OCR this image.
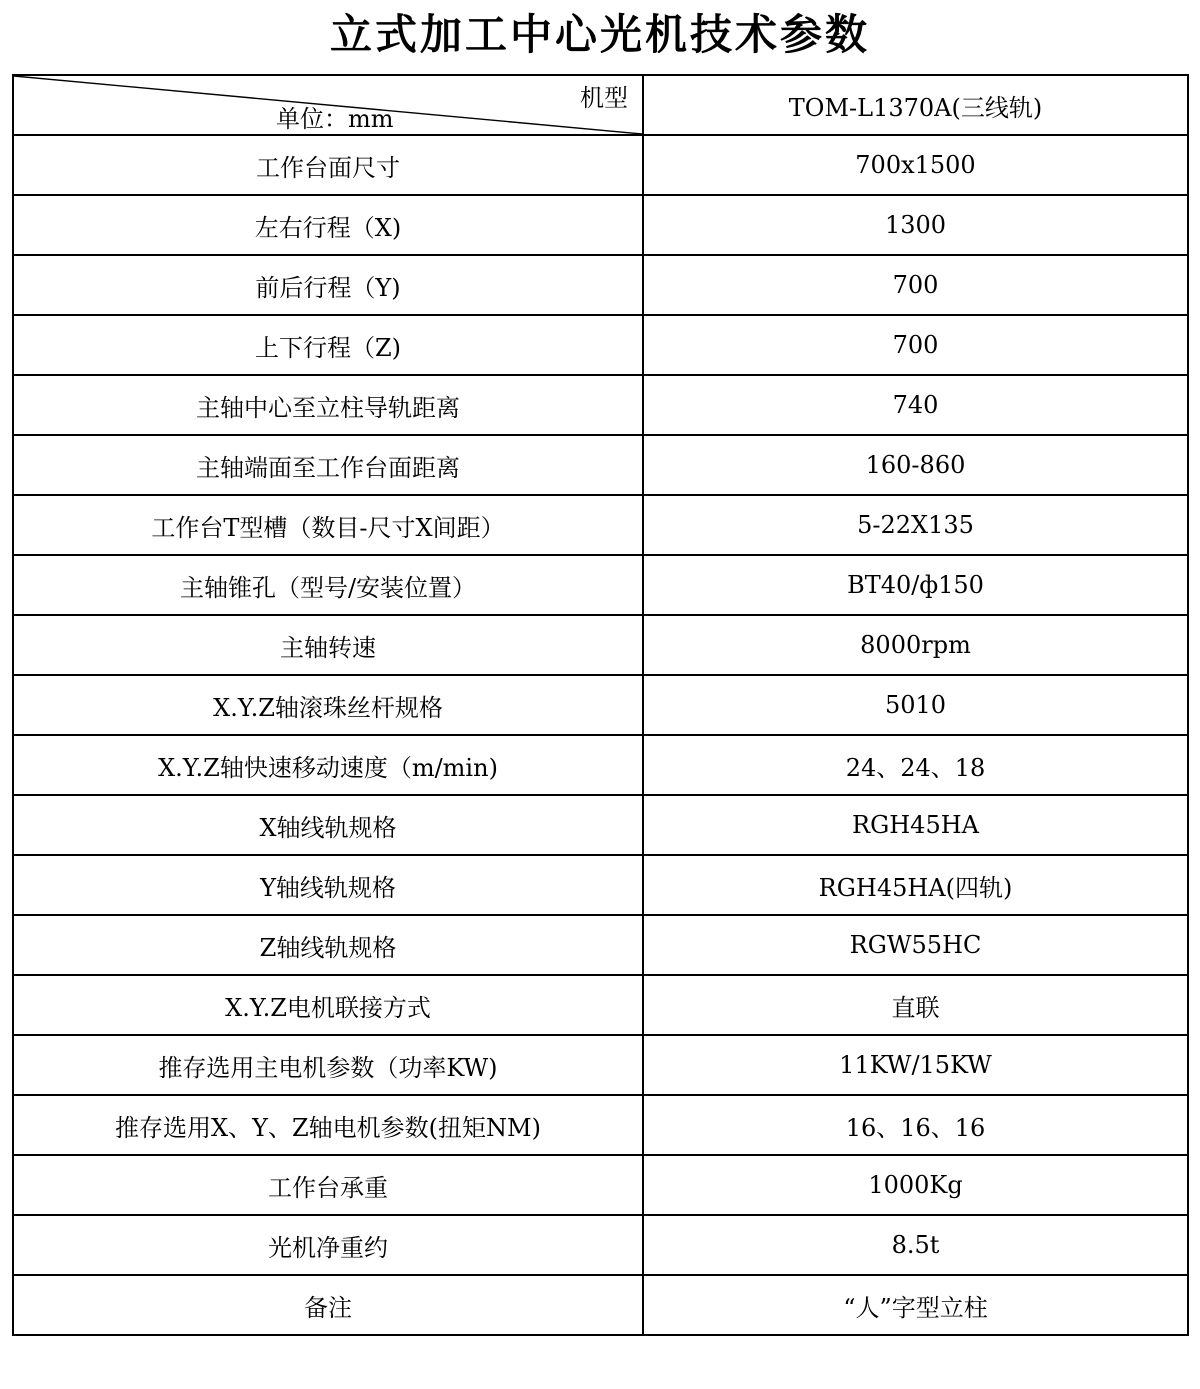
立式加工中心光机技术参数
机型
单位：mm	TOM-L1370A(三线轨)
工作台面尺寸	700x1500
左右行程（X)	1300
前后行程（Y)	700
上下行程（Z)	700
主轴中心至立柱导轨距离	740
主轴端面至工作台面距离	160-860
工作台T型槽（数目-尺寸X间距）	5-22X135
主轴锥孔（型号/安装位置）	BT40/ф150
主轴转速	8000rpm
X.Y.Z轴滚珠丝杆规格	5010
X.Y.Z轴快速移动速度（m/min)	24、24、18
X轴线轨规格	RGH45HA
Y轴线轨规格	RGH45HA(四轨)
Z轴线轨规格	RGW55HC
X.Y.Z电机联接方式	直联
推存选用主电机参数（功率KW)	11KW/15KW
推存选用X、Y、Z轴电机参数(扭矩NM)	16、16、16
工作台承重	1000Kg
光机净重约	8.5t
备注	“人”字型立柱
